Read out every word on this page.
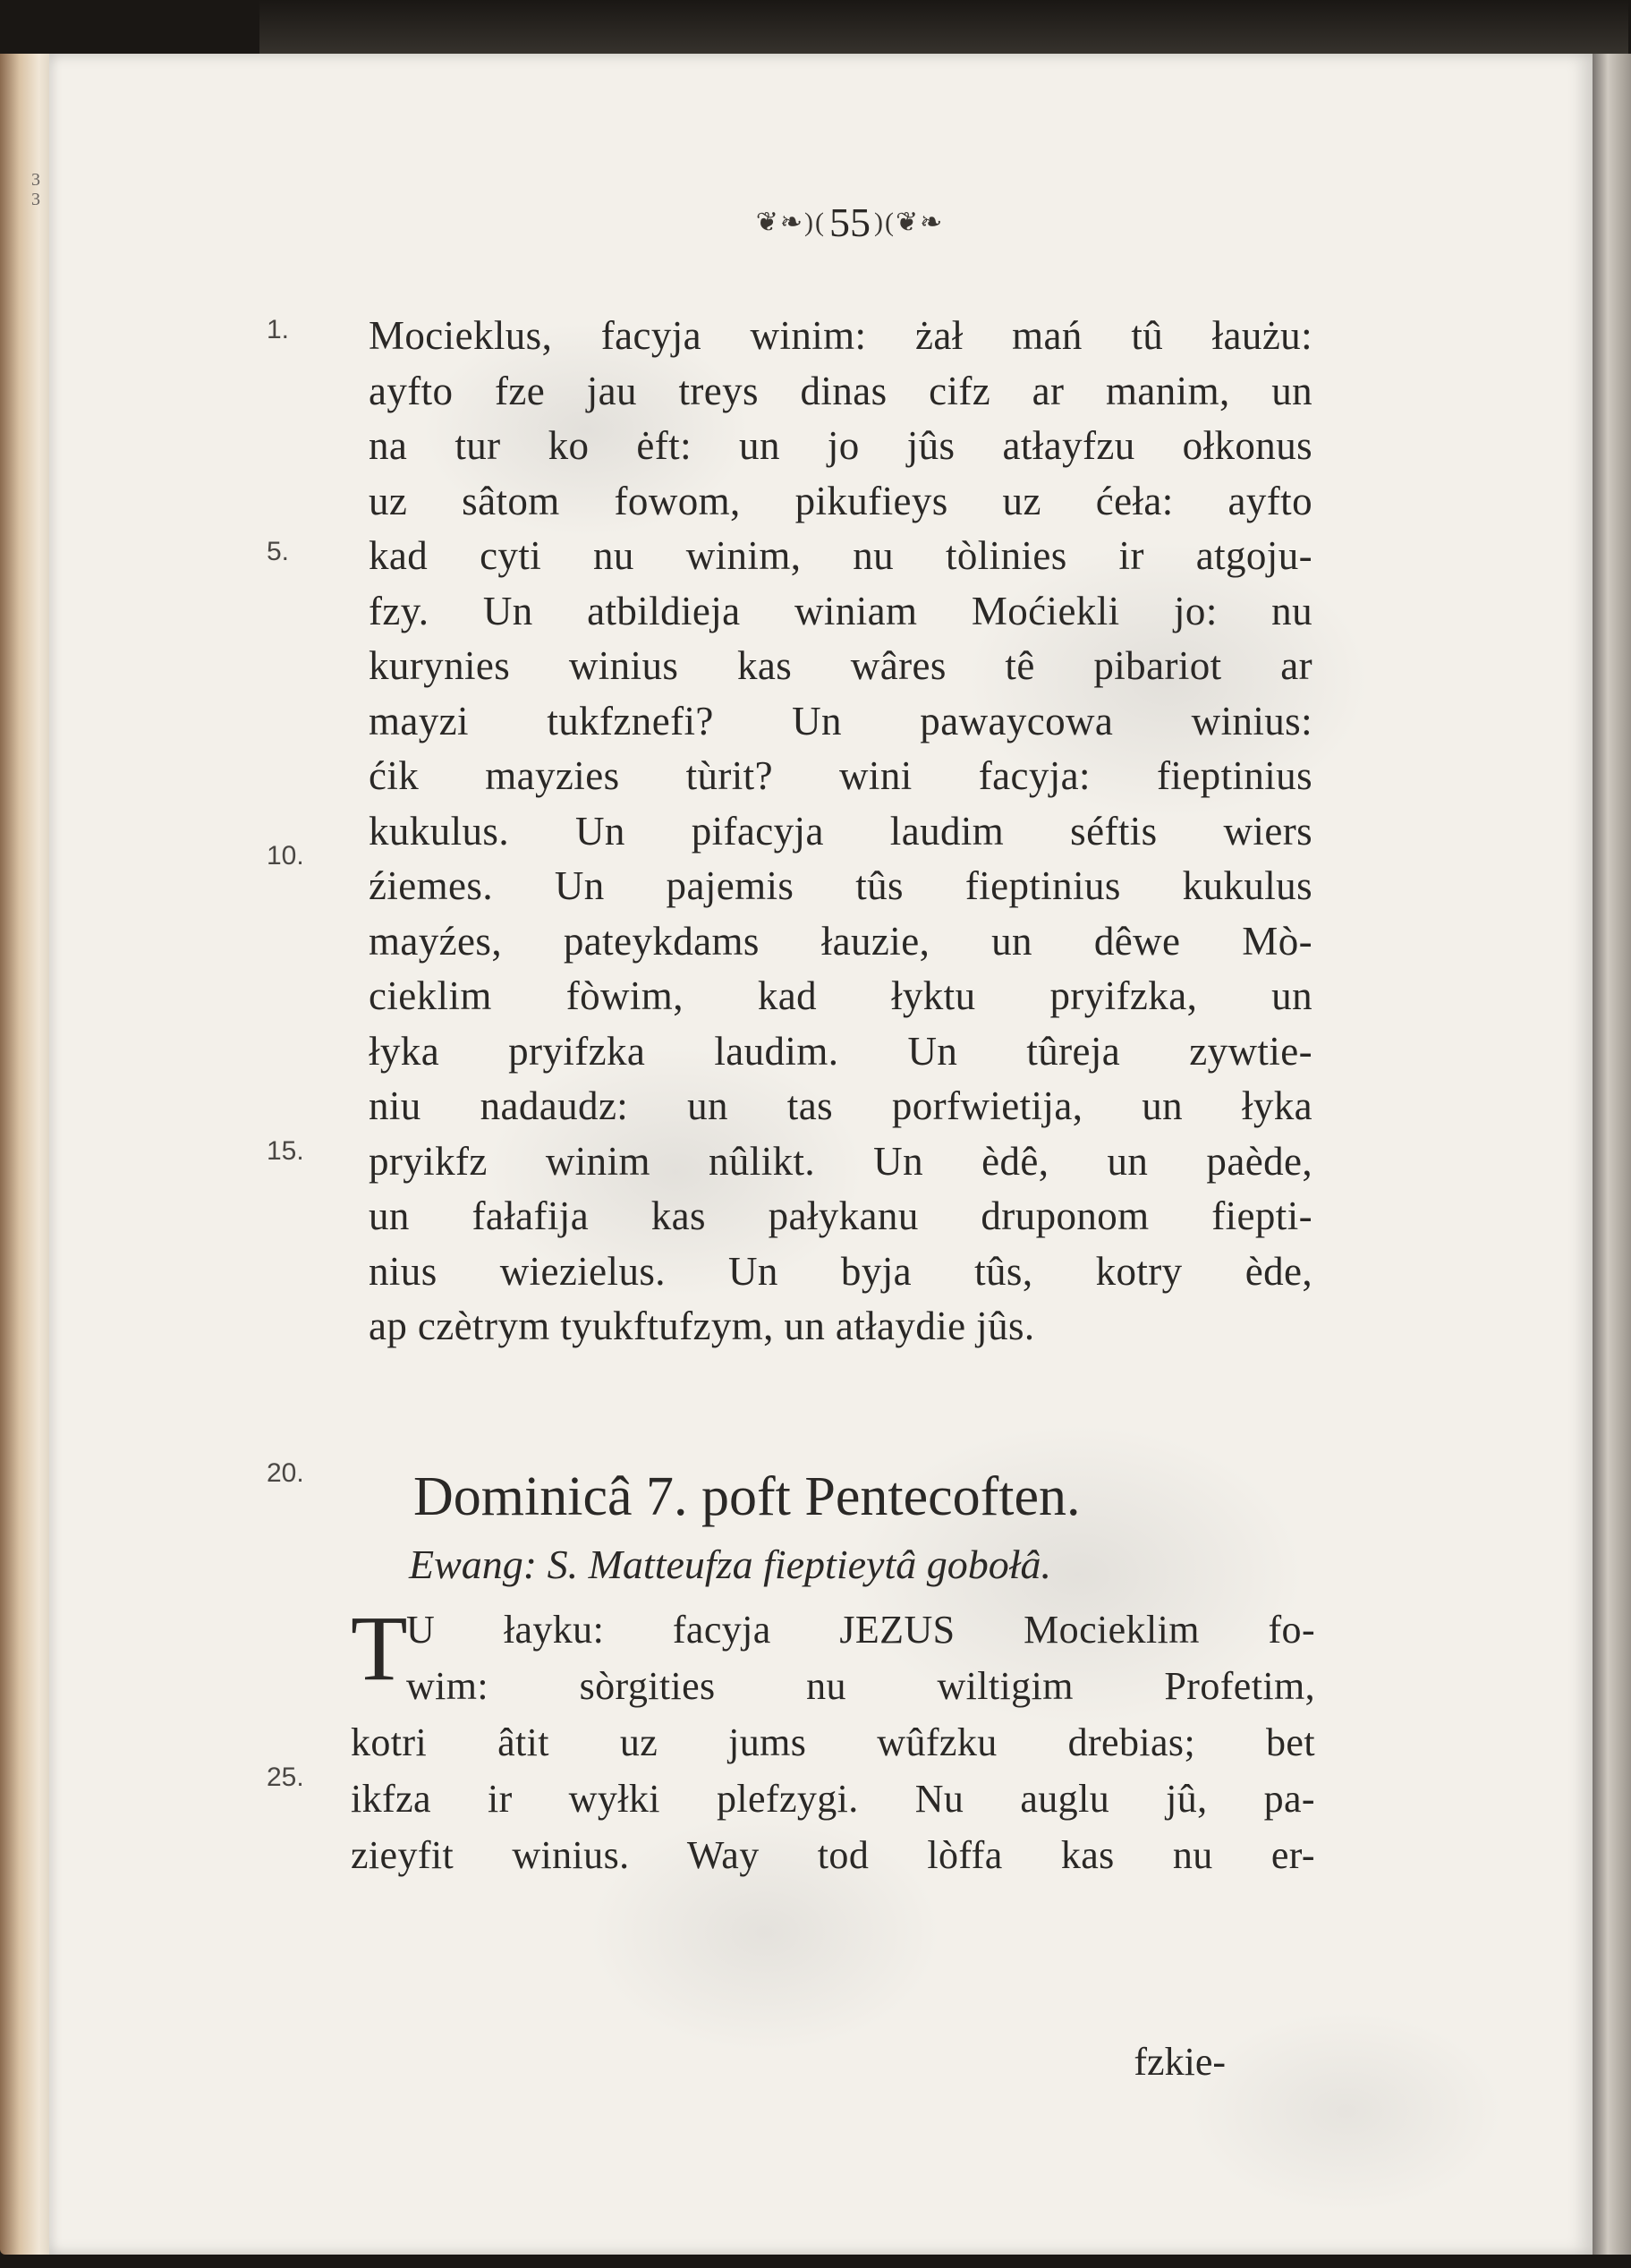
3 3
❦❧)(55 )(❦❧
1.
5.
10.
15.
20.
25.
Mocieklus, facyja winim: żał mań tû łaużu:
ayfto fze jau treys dinas cifz ar manim, un
na tur ko ėft: un jo jûs atłayfzu ołkonus
uz sâtom fowom, pikufieys uz ćeła: ayfto
kad cyti nu winim, nu tòlinies ir atgoju-
fzy. Un atbildieja winiam Moćiekli jo: nu
kurynies winius kas wâres tê pibariot ar
mayzi tukfznefi? Un pawaycowa winius:
ćik mayzies tùrit? wini facyja: fieptinius
kukulus. Un pifacyja laudim séftis wiers
źiemes. Un pajemis tûs fieptinius kukulus
mayźes, pateykdams łauzie, un dêwe Mò-
cieklim fòwim, kad łyktu pryifzka, un
łyka pryifzka laudim. Un tûreja zywtie-
niu nadaudz: un tas porfwietija, un łyka
pryikfz winim nûlikt. Un èdê, un paède,
un fałafija kas pałykanu druponom fiepti-
nius wiezielus. Un byja tûs, kotry ède,
ap czètrym tyukftufzym, un atłaydie jûs.
Dominicâ 7. poft Pentecoften.
Ewang: S. Matteufza fieptieytâ gobołâ.
T
U łayku: facyja JEZUS Mocieklim fo-
wim: sòrgities nu wiltigim Profetim,
kotri âtit uz jums wûfzku drebias; bet
ikfza ir wyłki plefzygi. Nu auglu jû, pa-
zieyfit winius. Way tod lòffa kas nu er-
fzkie-
